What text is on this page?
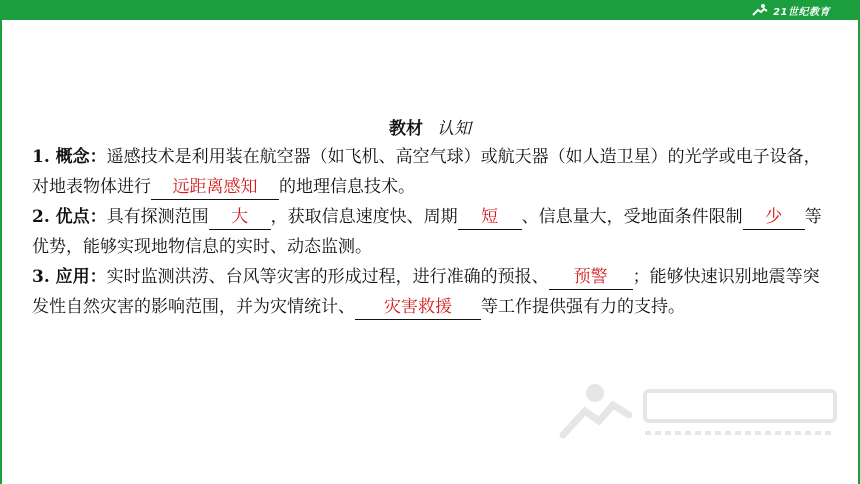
21世纪教育
教材 认知

1. 概念：遥感技术是利用装在航空器（如飞机、高空气球）或航天器（如人造卫星）的光学或电子设备，对地表物体进行 远距离感知 的地理信息技术。

2. 优点：具有探测范围 大 ，获取信息速度快、周期 短 、信息量大，受地面条件限制 少 等优势，能够实现地物信息的实时、动态监测。

3. 应用：实时监测洪涝、台风等灾害的形成过程，进行准确的预报、 预警 ；能够快速识别地震等突发性自然灾害的影响范围，并为灾情统计、 灾害救援 等工作提供强有力的支持。
